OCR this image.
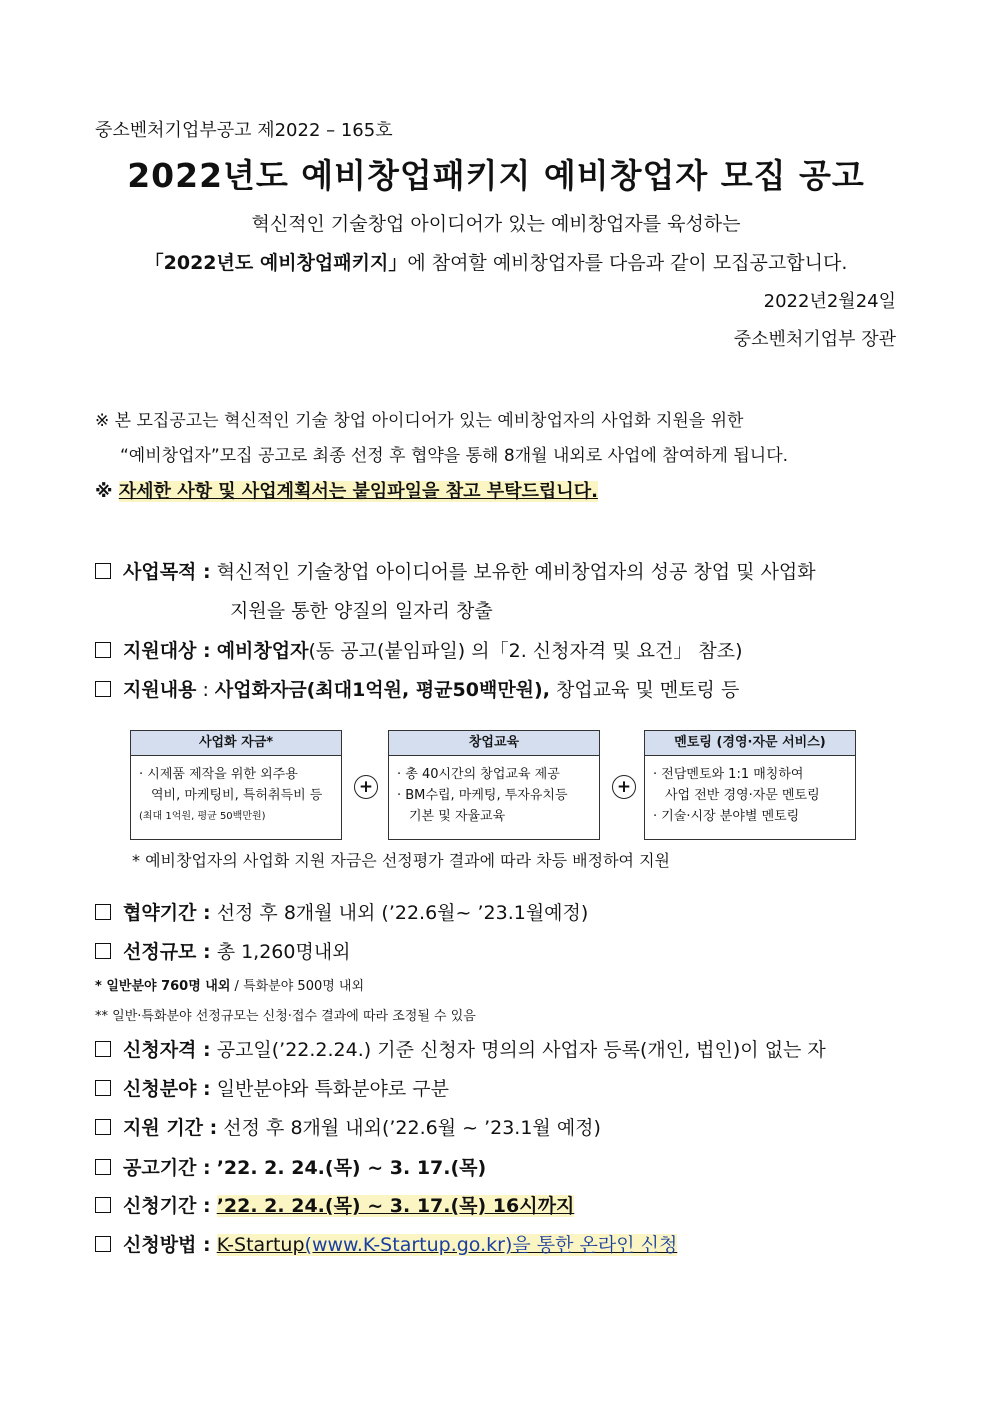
중소벤처기업부공고 제2022 – 165호
2022년도 예비창업패키지 예비창업자 모집 공고
혁신적인 기술창업 아이디어가 있는 예비창업자를 육성하는
「2022년도 예비창업패키지」에 참여할 예비창업자를 다음과 같이 모집공고합니다.
2022년2월24일
중소벤처기업부 장관
※ 본 모집공고는 혁신적인 기술 창업 아이디어가 있는 예비창업자의 사업화 지원을 위한
“예비창업자”모집 공고로 최종 선정 후 협약을 통해 8개월 내외로 사업에 참여하게 됩니다.
※ 자세한 사항 및 사업계획서는 붙임파일을 참고 부탁드립니다.
사업목적 : 혁신적인 기술창업 아이디어를 보유한 예비창업자의 성공 창업 및 사업화
지원을 통한 양질의 일자리 창출
지원대상 : 예비창업자(동 공고(붙임파일) 의「2. 신청자격 및 요건」 참조)
지원내용 : 사업화자금(최대1억원, 평균50백만원), 창업교육 및 멘토링 등
사업화 자금*
· 시제품 제작을 위한 외주용
역비, 마케팅비, 특허취득비 등
(최대 1억원, 평균 50백만원)
+
창업교육
· 총 40시간의 창업교육 제공
· BM수립, 마케팅, 투자유치등
기본 및 자율교육
+
멘토링 (경영·자문 서비스)
· 전담멘토와 1:1 매칭하여
사업 전반 경영·자문 멘토링
· 기술·시장 분야별 멘토링
* 예비창업자의 사업화 지원 자금은 선정평가 결과에 따라 차등 배정하여 지원
협약기간 : 선정 후 8개월 내외 (’22.6월~ ’23.1월예정)
선정규모 : 총 1,260명내외
* 일반분야 760명 내외 / 특화분야 500명 내외
** 일반·특화분야 선정규모는 신청·접수 결과에 따라 조정될 수 있음
신청자격 : 공고일(’22.2.24.) 기준 신청자 명의의 사업자 등록(개인, 법인)이 없는 자
신청분야 : 일반분야와 특화분야로 구분
지원 기간 : 선정 후 8개월 내외(’22.6월 ~ ’23.1월 예정)
공고기간 : ’22. 2. 24.(목) ~ 3. 17.(목)
신청기간 : ’22. 2. 24.(목) ~ 3. 17.(목) 16시까지
신청방법 : K-Startup(www.K-Startup.go.kr)을 통한 온라인 신청
